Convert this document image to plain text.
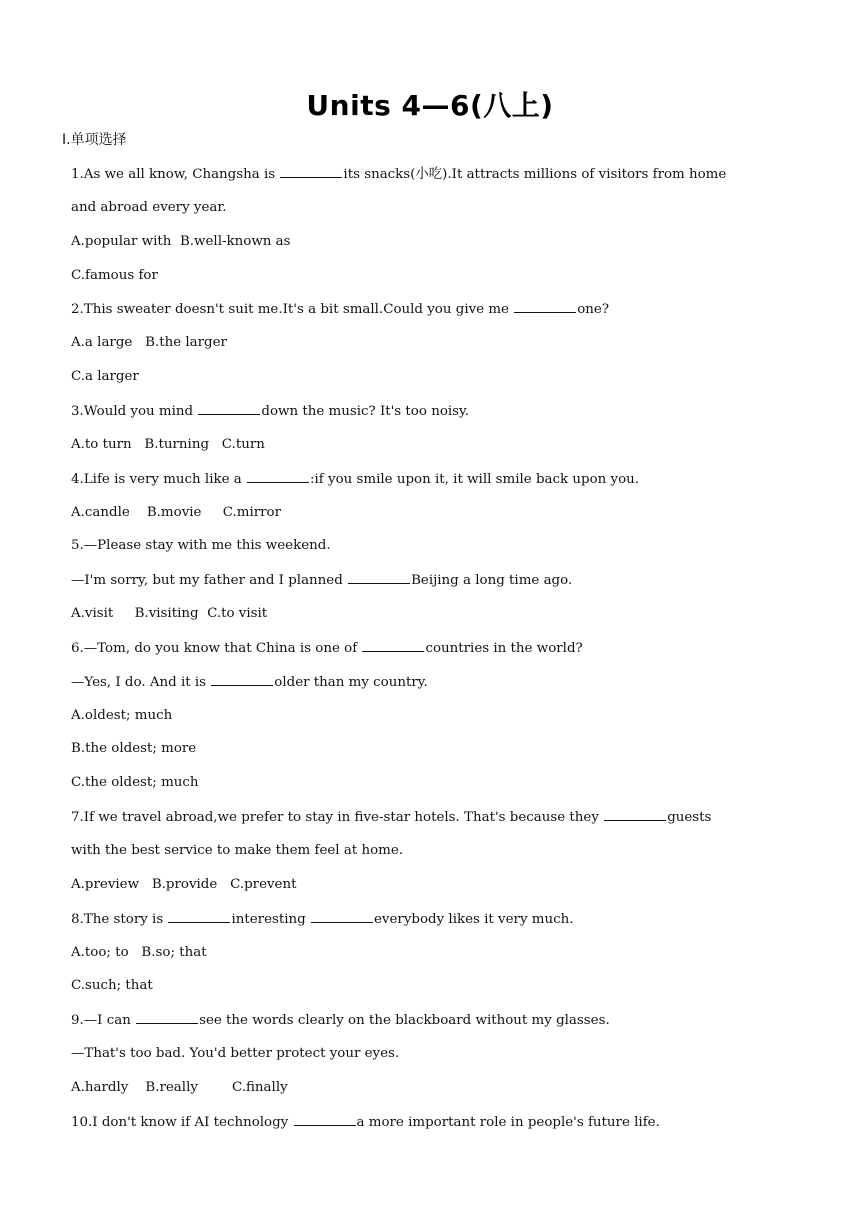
Units 4—6(八上)
Ⅰ.单项选择
1.As we all know, Changsha is	its snacks(小吃).It attracts millions of visitors from home
and abroad every year.
A.popular with  B.well-known as
C.famous for
2.This sweater doesn't suit me.It's a bit small.Could you give me	one?
A.a large   B.the larger
C.a larger
3.Would you mind	down the music? It's too noisy.
A.to turn   B.turning   C.turn
4.Life is very much like a	:if you smile upon it, it will smile back upon you.
A.candle    B.movie     C.mirror
5.—Please stay with me this weekend.
—I'm sorry, but my father and I planned	Beijing a long time ago.
A.visit     B.visiting  C.to visit
6.—Tom, do you know that China is one of	countries in the world?
—Yes, I do. And it is	older than my country.
A.oldest; much
B.the oldest; more
C.the oldest; much
7.If we travel abroad,we prefer to stay in five-star hotels. That's because they	guests
with the best service to make them feel at home.
A.preview   B.provide   C.prevent
8.The story is	interesting	everybody likes it very much.
A.too; to   B.so; that
C.such; that
9.—I can	see the words clearly on the blackboard without my glasses.
—That's too bad. You'd better protect your eyes.
A.hardly    B.really        C.finally
10.I don't know if AI technology	a more important role in people's future life.
